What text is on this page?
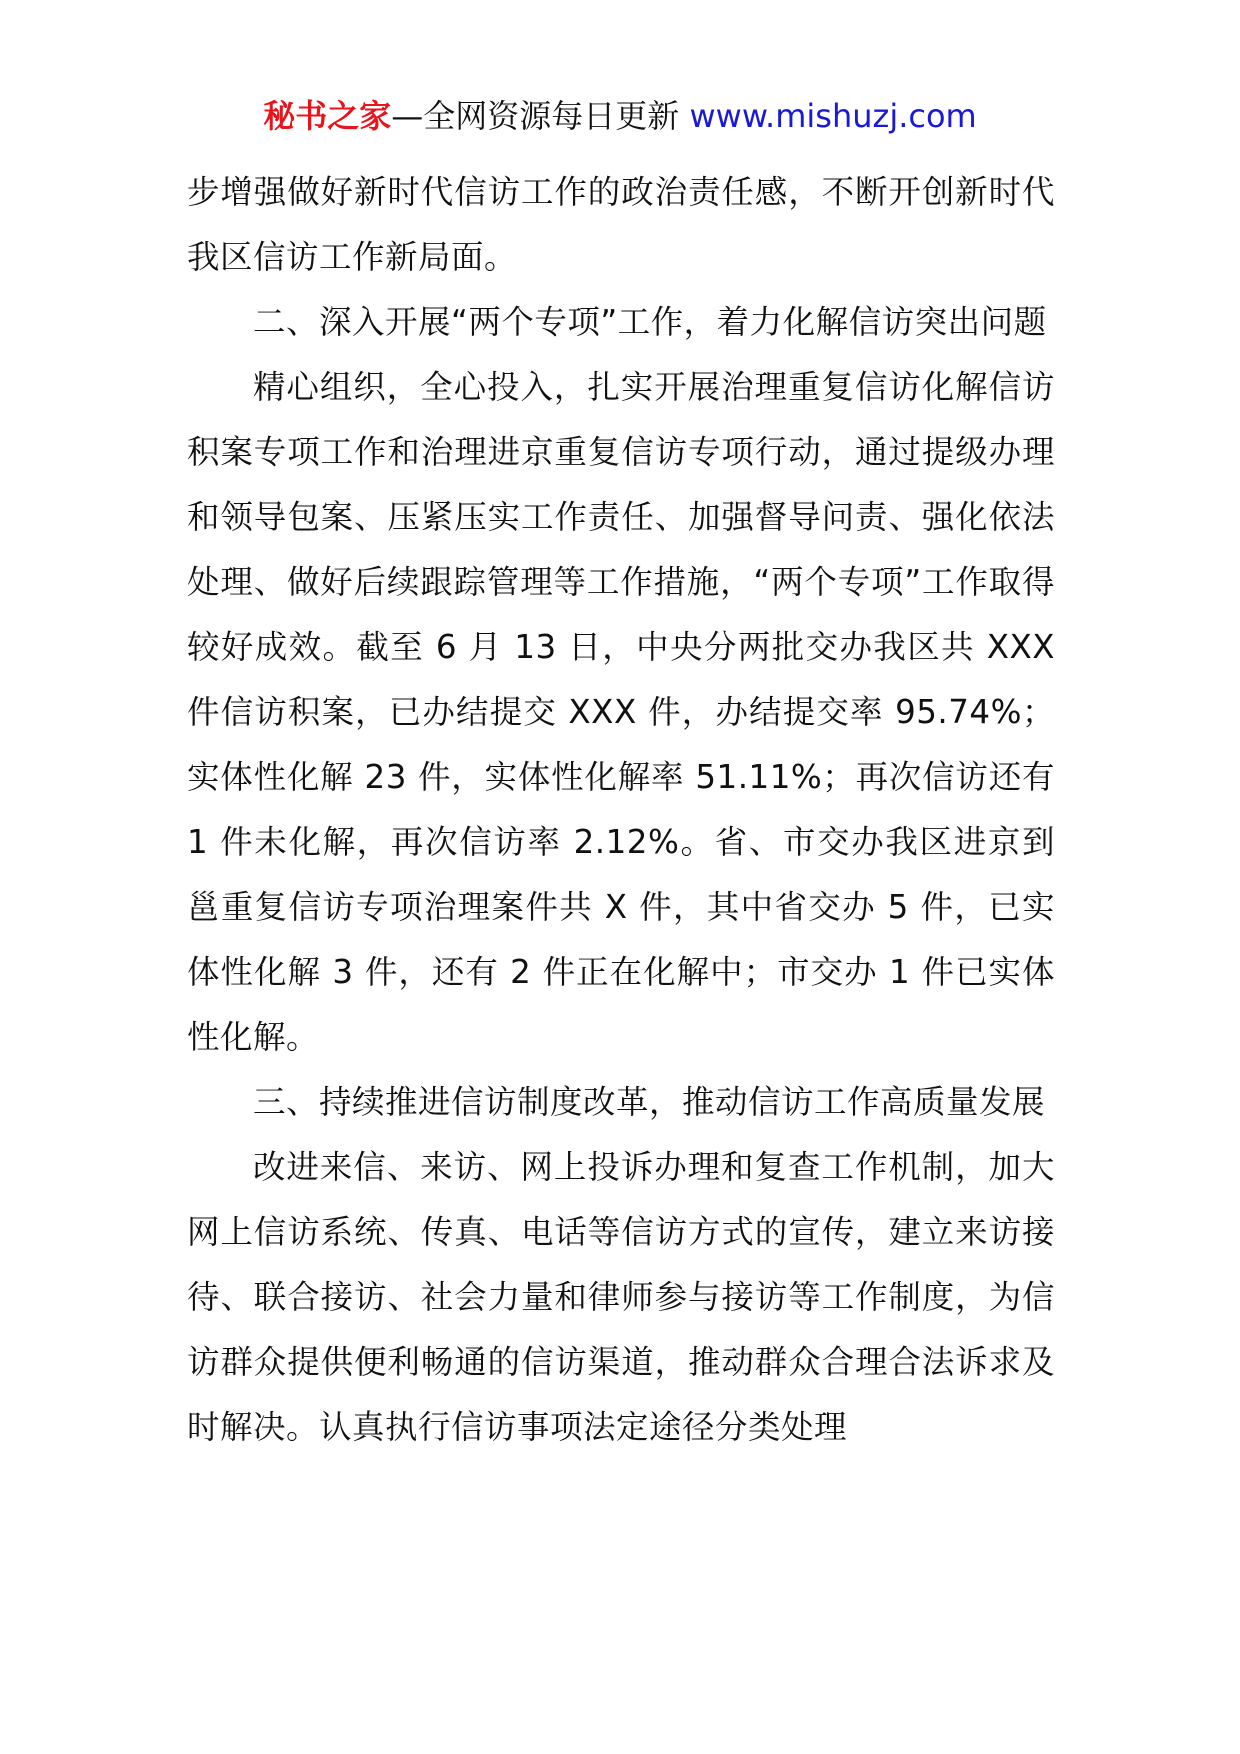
秘书之家—全网资源每日更新 www.mishuzj.com

步增强做好新时代信访工作的政治责任感，不断开创新时代我区信访工作新局面。

二、深入开展“两个专项”工作，着力化解信访突出问题

精心组织，全心投入，扎实开展治理重复信访化解信访积案专项工作和治理进京重复信访专项行动，通过提级办理和领导包案、压紧压实工作责任、加强督导问责、强化依法处理、做好后续跟踪管理等工作措施，“两个专项”工作取得较好成效。截至 6 月 13 日，中央分两批交办我区共 XXX 件信访积案，已办结提交 XXX 件，办结提交率 95.74%；实体性化解 23 件，实体性化解率 51.11%；再次信访还有 1 件未化解，再次信访率 2.12%。省、市交办我区进京到邕重复信访专项治理案件共 X 件，其中省交办 5 件，已实体性化解 3 件，还有 2 件正在化解中；市交办 1 件已实体性化解。

三、持续推进信访制度改革，推动信访工作高质量发展

改进来信、来访、网上投诉办理和复查工作机制，加大网上信访系统、传真、电话等信访方式的宣传，建立来访接待、联合接访、社会力量和律师参与接访等工作制度，为信访群众提供便利畅通的信访渠道，推动群众合理合法诉求及时解决。认真执行信访事项法定途径分类处理
